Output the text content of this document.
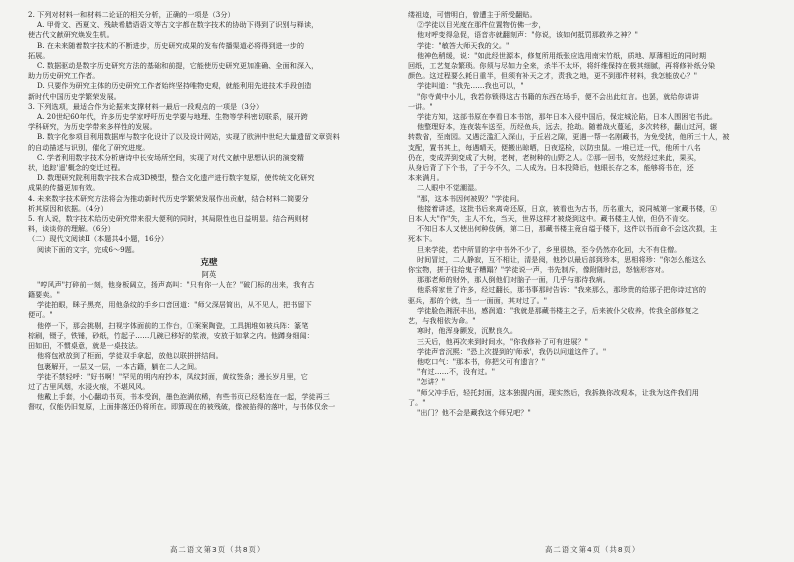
2. 下列对材料一和材料二论证的相关分析，正确的一项是（3分）

A. 甲骨文、西夏文、残缺希腊语语文等古文字都在数字技术的协助下得到了识别与释读，

使古代文献研究焕发生机。

B. 在未来随着数字技术的不断进步，历史研究成果的发布传播渠道必将得到进一步的

拓展。

C. 数据驱动是数字历史研究方法的基础和前提，它能使历史研究更加准确、全面和深入，

助力历史研究工作者。

D. 只要作为研究主体的历史研究工作者始终坚持唯物史观，就能利用先进技术手段创造

新时代中国历史学繁荣发展。

3. 下列选项，最适合作为论据来支撑材料一最后一段观点的一项是（3分）

A. 20世纪60年代，许多历史学家呼吁历史学要与地理、生物等学科密切联系，展开跨

学科研究，为历史学带来多样性的发展。

B. 数字化参项目利用数据库与数字化设计了以及设计网站，实现了欧洲中世纪大量遗留文章资料

的自动描述与识别，催化了研究进度。

C. 学者利用数字技术分析唐诗中长安场所空间，实现了对代文献中思想认识的演变精

状，追踪'遥'概念的变迁过程。

D. 数理研究院利用数字技术合成3D模型，整合文化遗产进行数字复原，使传统文化研究

成果的传播更加有效。

4. 未来数字技术研究方法将会为推动新时代历史学繁荣发展作出贡献，结合材料二简要分

析其原因和依据。（4分）

5. 有人说，数字技术给历史研究带来很大便利的同时，其局限性也日益明显。结合两则材

料，谈谈你的理解。（6分）

（二）现代文阅读Ⅱ（本题共4小题，16分）

阅读下面的文字，完成6～9题。

克壁

阿英

"哼风声"打碎前一刻，他身板阔立，扬声高叫："只有你一人在？"破门标的出来，我有古

籍要卖。"

学徒拍眼，眯子黑亮，用他条纹的手乡口音回道："师父深居简出，从不见人，把书留下

便可。"

他停一下，那会挑剔，扫视字体面前的工作台，①案案陶瓷，工具拥堆如被兵阵：篆笔

棕刷，镊子，铁锤，砂纸，竹起子……几碗已移好的浆液，安放于如掌之内。他蹲身细闻：

田如田，不惯桌意，就是一桌技法。

他将包袱放到了柜面，学徒双手拿起，放他以联拼拼结间。

包裹解开，一层又一层，一本古籍，躺在二人之间。

学徒不禁轻呼："好书啊！"罕见的明内府抄本，凤纹封面，黄纹签条；漫长岁月里，它

过了古里风烟，水浸火痕，不堪风风。

他戴上手套，小心翻动书页，书本受润，墨色泡满依稀，有些书页已经粘连在一起，学徒再三

督叹，仅能仍旧复原，上面排落还仍将所在。即算现在的被残破，像被掐得的落叶，与书体仅余一

缕祖迹，可惜明白，曾遭主于所受翻贴。

②学徒以目光度在那件位置物仿佛一步，

他对呼变得急促，语音亦就翻刻声："你说，该如何抵罚那救养之神？"

学徒："敏答大师天我的父。"

他神色稍缓，说："如此经世源本，修复所用纸张应选用南宋竹纸，质地、厚薄相近的同时期

回纸，工艺复杂繁琐。你须与尽如力全来，杀半不太坏，将纤维保持在极其细腻，再将修补纸分染

颜色。这过程要么耗日重半，但须有补天之才，责我之地，更不到那件材料，我怎能放心？"

学徒叫道："我先……我也可以，"

"你寺黄中小儿，我若你锁得这古书籍的东西在场手，便不会出此红言。也罢，就给你讲讲

一讲。"

学徒方知，这部书原在李看日本书馆，那年日本入侵中国后，保定城沦陷，日本人围困宅书此。

他整理好本，连夜装车送至，历经鱼兵，远去，抢劫。随着战火蔓延，多次转移，翻山过河，辗

转数省，至南园。又遇泛滥汇入深山，于丘岩之隙，更遇一帮一名刚藏书，为免受扰，他所三十人，被

支配，置书其上，每遇晴天，便搬出晾晒，日夜巡检，以防虫鼠。一堆已迁一代，他所十八名

仍在，变成弄到变成了大树，老树，老树种的山野之人。②那一回书，安然经过来此，果买，

从身后背了下个书，了于今不久，二人成为。日本投降后，他眼长存之本，能够将书在，还

本来满月。

二人眼中不觉潮湿。

"那，这本书因何被毁？"学徒问。

他接着讲述，这批书后来离奇还原，日京，被看也为古书，历名重大，说同城第一家藏书楼，④

日本人大"作"失，主人不允，当天，世界这样才被烧到这中。藏书楼主人惊，但仍不肯交。

不知日本人又使出何种伎俩，第二日，那藏书楼主竟自缢于楼下，这件以书而命不会这次损，主

死本卞。

旦来学徒，若中所冒的字中书外不少了，乡里很热，至今仍然亦化回，大不有住僧。

时间冒过，二人静寂，互不相让，清是阅，他抄以最后部到珍本，思相将珍："你怎么能这么

你宝物，拼于往给鬼子糟蹋？"学徒说一声，书先制斥，像附随时总，怒恼形容对。

那那老师的财外，那人倒他们对脑子一面，几乎与那待我病。

他系将家世了许多，经过翻长，那书事那时告诉："我来那么，那珍贵的给那子把你诗过宫的

驱兵，那的个就，当一一面面，其对过了。"

学徒脸色湘泯丰出，感润道："我就是那藏书楼主之子，后来被仆父收养，传我全部修复之

艺，与我相依为命。"

寒时，他浑身颤发，沉默良久。

三天后，他再次来到时间水，"你我修补了可有进展？"

学徒声音沉熙："恐上次提到的'师承'，我仍以问道这件了。"

他吃口气："那本书，你把父可有遗言？"

"有过……不，没有过。"

"怎讲？"

"师父冲手后，轻托封面，这本独握内面，现实然后，我拆换你改观本，让我为这件我们用

了。"

"出门？他不会是藏我这个师兄吧？"

高二语文第3页（共8页）	高二语文第4页（共8页）
